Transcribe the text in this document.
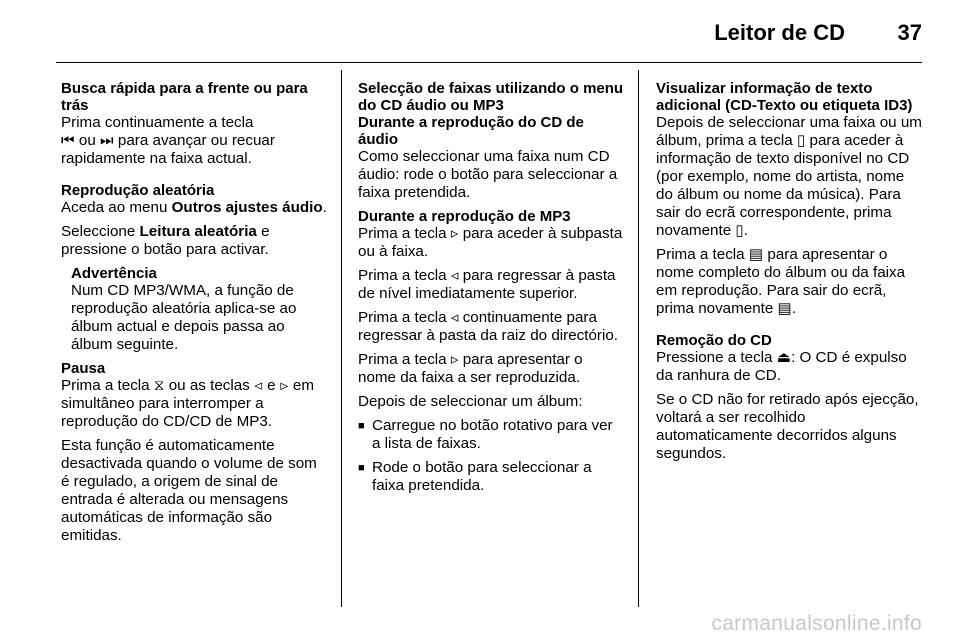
Leitor de CD 37
Busca rápida para a frente ou para trás
Prima continuamente a tecla
⏮ ou ⏭ para avançar ou recuar rapidamente na faixa actual.
Reprodução aleatória

Aceda ao menu Outros ajustes áudio.

Seleccione Leitura aleatória e pressione o botão para activar.

Advertência
Num CD MP3/WMA, a função de reprodução aleatória aplica-se ao álbum actual e depois passa ao álbum seguinte.
Pausa

Prima a tecla ⧖ ou as teclas ⊲ e ⊳ em simultâneo para interromper a reprodução do CD/CD de MP3.

Esta função é automaticamente desactivada quando o volume de som é regulado, a origem de sinal de entrada é alterada ou mensagens automáticas de informação são emitidas.

Selecção de faixas utilizando o menu do CD áudio ou MP3
Durante a reprodução do CD de áudio

Como seleccionar uma faixa num CD áudio: rode o botão para seleccionar a faixa pretendida.

Durante a reprodução de MP3

Prima a tecla ▹ para aceder à subpasta ou à faixa.

Prima a tecla ◃ para regressar à pasta de nível imediatamente superior.

Prima a tecla ◃ continuamente para regressar à pasta da raiz do directório.

Prima a tecla ▹ para apresentar o nome da faixa a ser reproduzida.

Depois de seleccionar um álbum:

■ Carregue no botão rotativo para ver a lista de faixas.
■ Rode o botão para seleccionar a faixa pretendida.
Visualizar informação de texto adicional (CD-Texto ou etiqueta ID3)

Depois de seleccionar uma faixa ou um álbum, prima a tecla ▯ para aceder à informação de texto disponível no CD (por exemplo, nome do artista, nome do álbum ou nome da música). Para sair do ecrã correspondente, prima novamente ▯.

Prima a tecla ▤ para apresentar o nome completo do álbum ou da faixa em reprodução. Para sair do ecrã, prima novamente ▤.

Remoção do CD

Pressione a tecla ⏏: O CD é expulso da ranhura de CD.

Se o CD não for retirado após ejecção, voltará a ser recolhido automaticamente decorridos alguns segundos.

carmanualsonline.info
